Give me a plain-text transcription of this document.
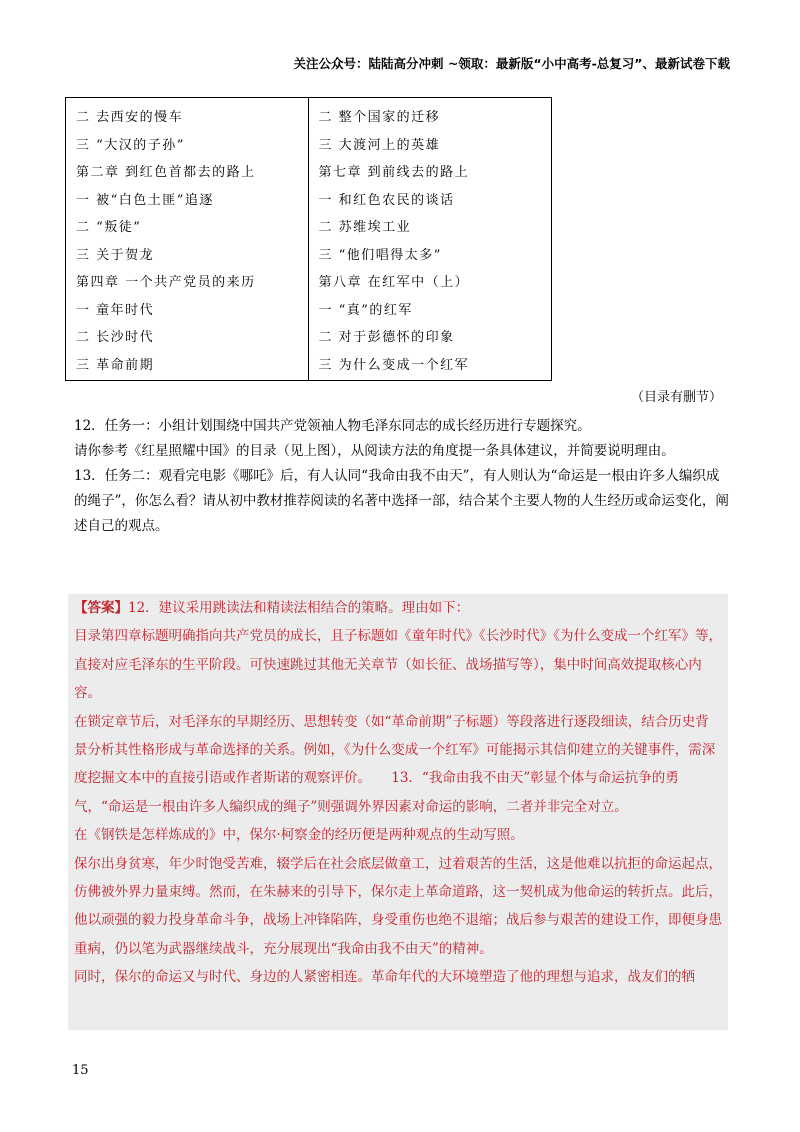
关注公众号：陆陆高分冲刺 ~领取：最新版“小中高考-总复习”、最新试卷下载
二 去西安的慢车
三 “大汉的子孙”
第二章 到红色首都去的路上
一 被“白色土匪”追逐
二 “叛徒”
三 关于贺龙
第四章 一个共产党员的来历
一 童年时代
二 长沙时代
三 革命前期
二 整个国家的迁移
三 大渡河上的英雄
第七章 到前线去的路上
一 和红色农民的谈话
二 苏维埃工业
三 “他们唱得太多”
第八章 在红军中（上）
一 “真”的红军
二 对于彭德怀的印象
三 为什么变成一个红军
（目录有删节）

12．任务一：小组计划围绕中国共产党领袖人物毛泽东同志的成长经历进行专题探究。

请你参考《红星照耀中国》的目录（见上图），从阅读方法的角度提一条具体建议，并简要说明理由。

13．任务二：观看完电影《哪吒》后，有人认同“我命由我不由天”，有人则认为“命运是一根由许多人编织成的绳子”，你怎么看？请从初中教材推荐阅读的名著中选择一部，结合某个主要人物的人生经历或命运变化，阐述自己的观点。

【答案】12．建议采用跳读法和精读法相结合的策略。理由如下：

目录第四章标题明确指向共产党员的成长，且子标题如《童年时代》《长沙时代》《为什么变成一个红军》等，直接对应毛泽东的生平阶段。可快速跳过其他无关章节（如长征、战场描写等），集中时间高效提取核心内容。

在锁定章节后，对毛泽东的早期经历、思想转变（如“革命前期”子标题）等段落进行逐段细读，结合历史背景分析其性格形成与革命选择的关系。例如，《为什么变成一个红军》可能揭示其信仰建立的关键事件，需深度挖掘文本中的直接引语或作者斯诺的观察评价。　　13．“我命由我不由天”彰显个体与命运抗争的勇气，“命运是一根由许多人编织成的绳子”则强调外界因素对命运的影响，二者并非完全对立。

在《钢铁是怎样炼成的》中，保尔·柯察金的经历便是两种观点的生动写照。

保尔出身贫寒，年少时饱受苦难，辍学后在社会底层做童工，过着艰苦的生活，这是他难以抗拒的命运起点，仿佛被外界力量束缚。然而，在朱赫来的引导下，保尔走上革命道路，这一契机成为他命运的转折点。此后，他以顽强的毅力投身革命斗争，战场上冲锋陷阵，身受重伤也绝不退缩；战后参与艰苦的建设工作，即便身患重病，仍以笔为武器继续战斗，充分展现出“我命由我不由天”的精神。

同时，保尔的命运又与时代、身边的人紧密相连。革命年代的大环境塑造了他的理想与追求，战友们的牺

15
